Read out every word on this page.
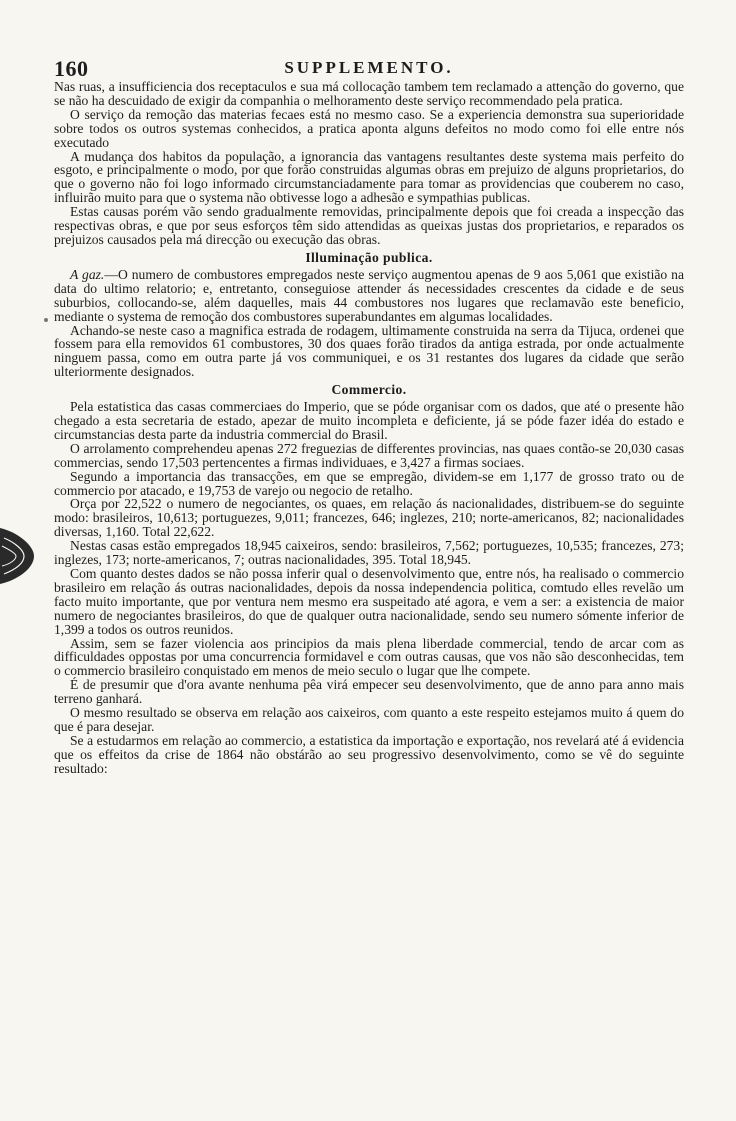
160	SUPPLEMENTO.

Nas ruas, a insufficiencia dos receptaculos e sua má collocação tambem tem reclamado a attenção do governo, que se não ha descuidado de exigir da companhia o melhoramento deste serviço recommendado pela pratica.

O serviço da remoção das materias fecaes está no mesmo caso. Se a experiencia demonstra sua superioridade sobre todos os outros systemas conhecidos, a pratica aponta alguns defeitos no modo como foi elle entre nós executado

A mudança dos habitos da população, a ignorancia das vantagens resultantes deste systema mais perfeito do esgoto, e principalmente o modo, por que forão construidas algumas obras em prejuizo de alguns proprietarios, do que o governo não foi logo informado circumstanciadamente para tomar as providencias que couberem no caso, influirão muito para que o systema não obtivesse logo a adhesão e sympathias publicas.

Estas causas porém vão sendo gradualmente removidas, principalmente depois que foi creada a inspecção das respectivas obras, e que por seus esforços têm sido attendidas as queixas justas dos proprietarios, e reparados os prejuizos causados pela má direcção ou execução das obras.

Illuminação publica.

A gaz.—O numero de combustores empregados neste serviço augmentou apenas de 9 aos 5,061 que existião na data do ultimo relatorio; e, entretanto, conseguiose attender ás necessidades crescentes da cidade e de seus suburbios, collocando-se, além daquelles, mais 44 combustores nos lugares que reclamavão este beneficio, mediante o systema de remoção dos combustores superabundantes em algumas localidades.

Achando-se neste caso a magnifica estrada de rodagem, ultimamente construida na serra da Tijuca, ordenei que fossem para ella removidos 61 combustores, 30 dos quaes forão tirados da antiga estrada, por onde actualmente ninguem passa, como em outra parte já vos communiquei, e os 31 restantes dos lugares da cidade que serão ulteriormente designados.

Commercio.

Pela estatistica das casas commerciaes do Imperio, que se póde organisar com os dados, que até o presente hão chegado a esta secretaria de estado, apezar de muito incompleta e deficiente, já se póde fazer idéa do estado e circumstancias desta parte da industria commercial do Brasil.

O arrolamento comprehendeu apenas 272 freguezias de differentes provincias, nas quaes contão-se 20,030 casas commercias, sendo 17,503 pertencentes a firmas individuaes, e 3,427 a firmas sociaes.

Segundo a importancia das transacções, em que se empregão, dividem-se em 1,177 de grosso trato ou de commercio por atacado, e 19,753 de varejo ou negocio de retalho.

Orça por 22,522 o numero de negociantes, os quaes, em relação ás nacionalidades, distribuem-se do seguinte modo: brasileiros, 10,613; portuguezes, 9,011; francezes, 646; inglezes, 210; norte-americanos, 82; nacionalidades diversas, 1,160. Total 22,622.

Nestas casas estão empregados 18,945 caixeiros, sendo: brasileiros, 7,562; portuguezes, 10,535; francezes, 273; inglezes, 173; norte-americanos, 7; outras nacionalidades, 395. Total 18,945.

Com quanto destes dados se não possa inferir qual o desenvolvimento que, entre nós, ha realisado o commercio brasileiro em relação ás outras nacionalidades, depois da nossa independencia politica, comtudo elles revelão um facto muito importante, que por ventura nem mesmo era suspeitado até agora, e vem a ser: a existencia de maior numero de negociantes brasileiros, do que de qualquer outra nacionalidade, sendo seu numero sómente inferior de 1,399 a todos os outros reunidos.

Assim, sem se fazer violencia aos principios da mais plena liberdade commercial, tendo de arcar com as difficuldades oppostas por uma concurrencia formidavel e com outras causas, que vos não são desconhecidas, tem o commercio brasileiro conquistado em menos de meio seculo o lugar que lhe compete.

É de presumir que d'ora avante nenhuma pêa virá empecer seu desenvolvimento, que de anno para anno mais terreno ganhará.

O mesmo resultado se observa em relação aos caixeiros, com quanto a este respeito estejamos muito á quem do que é para desejar.

Se a estudarmos em relação ao commercio, a estatistica da importação e exportação, nos revelará até á evidencia que os effeitos da crise de 1864 não obstárão ao seu progressivo desenvolvimento, como se vê do seguinte resultado:
